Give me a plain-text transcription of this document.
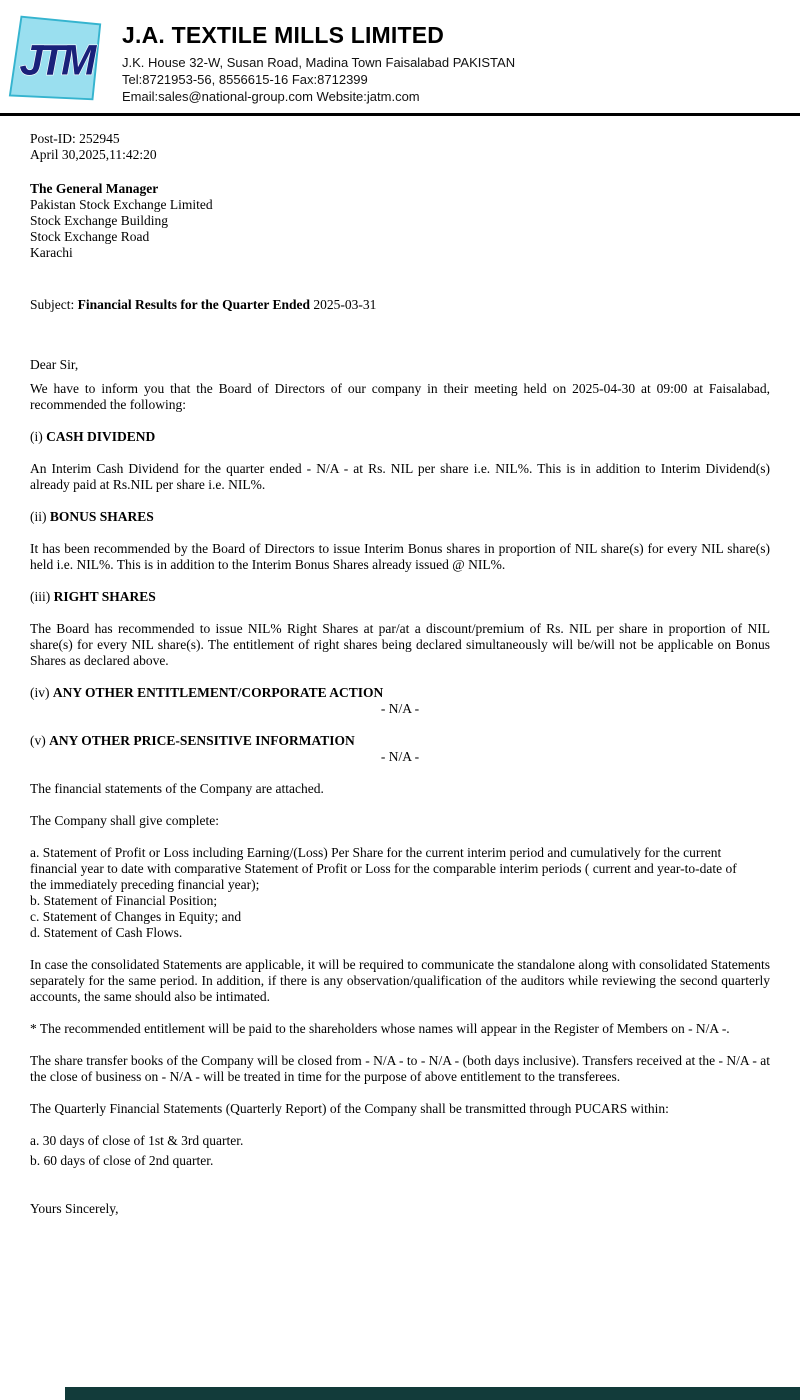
JTM
J.A. TEXTILE MILLS LIMITED
J.K. House 32-W, Susan Road, Madina Town Faisalabad PAKISTAN
Tel:8721953-56, 8556615-16 Fax:8712399
Email:sales@national-group.com Website:jatm.com
Post-ID: 252945
April 30,2025,11:42:20
The General Manager
Pakistan Stock Exchange Limited
Stock Exchange Building
Stock Exchange Road
Karachi
Subject: Financial Results for the Quarter Ended 2025-03-31
Dear Sir,
We have to inform you that the Board of Directors of our company in their meeting held on 2025-04-30 at 09:00 at Faisalabad, recommended the following:
(i) CASH DIVIDEND
An Interim Cash Dividend for the quarter ended - N/A - at Rs. NIL per share i.e. NIL%. This is in addition to Interim Dividend(s) already paid at Rs.NIL per share i.e. NIL%.
(ii) BONUS SHARES
It has been recommended by the Board of Directors to issue Interim Bonus shares in proportion of NIL share(s) for every NIL share(s) held i.e. NIL%. This is in addition to the Interim Bonus Shares already issued @ NIL%.
(iii) RIGHT SHARES
The Board has recommended to issue NIL% Right Shares at par/at a discount/premium of Rs. NIL per share in proportion of NIL share(s) for every NIL share(s). The entitlement of right shares being declared simultaneously will be/will not be applicable on Bonus Shares as declared above.
(iv) ANY OTHER ENTITLEMENT/CORPORATE ACTION
- N/A -
(v) ANY OTHER PRICE-SENSITIVE INFORMATION
- N/A -
The financial statements of the Company are attached.
The Company shall give complete:
a. Statement of Profit or Loss including Earning/(Loss) Per Share for the current interim period and cumulatively for the current              financial year to date with comparative Statement of Profit or Loss for the comparable interim periods ( current and year-to-date of        the immediately preceding financial year);
b. Statement of Financial Position;
c. Statement of Changes in Equity; and
d. Statement of Cash Flows.
In case the consolidated Statements are applicable, it will be required to communicate the standalone along with consolidated Statements separately for the same period. In addition, if there is any observation/qualification of the auditors while reviewing the second quarterly accounts, the same should also be intimated.
* The recommended entitlement will be paid to the shareholders whose names will appear in the Register of Members on - N/A -.
The share transfer books of the Company will be closed from - N/A - to - N/A - (both days inclusive). Transfers received at the - N/A - at the close of business on - N/A - will be treated in time for the purpose of above entitlement to the transferees.
The Quarterly Financial Statements (Quarterly Report) of the Company shall be transmitted through PUCARS within:
a. 30 days of close of 1st & 3rd quarter.
b. 60 days of close of 2nd quarter.
Yours Sincerely,
